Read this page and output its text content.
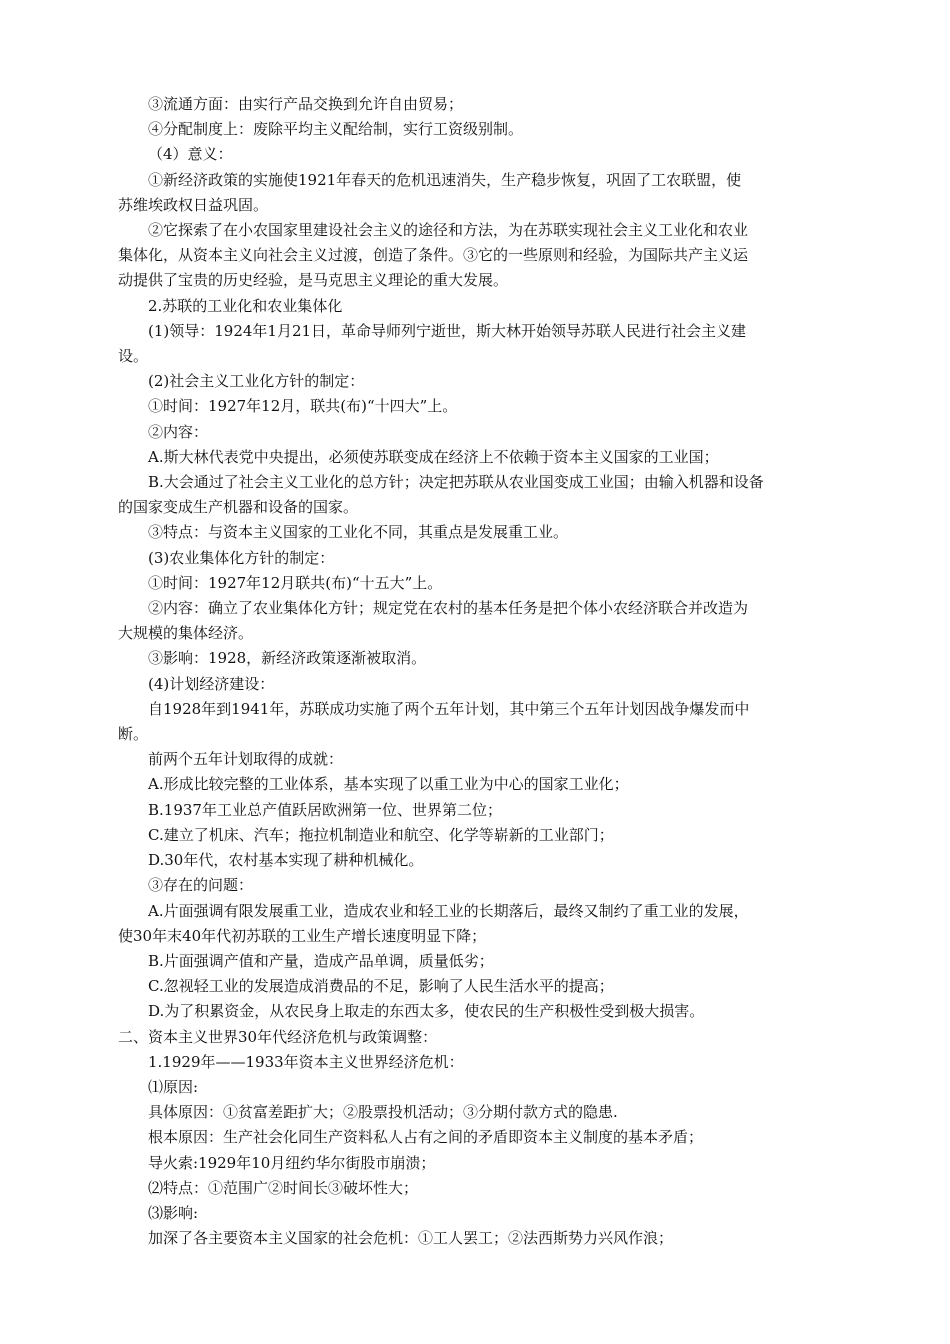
③流通方面：由实行产品交换到允许自由贸易；

④分配制度上：废除平均主义配给制，实行工资级别制。

（4）意义：

①新经济政策的实施使1921年春天的危机迅速消失，生产稳步恢复，巩固了工农联盟，使

苏维埃政权日益巩固。

②它探索了在小农国家里建设社会主义的途径和方法，为在苏联实现社会主义工业化和农业

集体化，从资本主义向社会主义过渡，创造了条件。③它的一些原则和经验，为国际共产主义运

动提供了宝贵的历史经验，是马克思主义理论的重大发展。

2.苏联的工业化和农业集体化

(1)领导：1924年1月21日，革命导师列宁逝世，斯大林开始领导苏联人民进行社会主义建

设。

(2)社会主义工业化方针的制定：

①时间：1927年12月，联共(布)“十四大”上。

②内容：

A.斯大林代表党中央提出，必须使苏联变成在经济上不依赖于资本主义国家的工业国；

B.大会通过了社会主义工业化的总方针；决定把苏联从农业国变成工业国；由输入机器和设备

的国家变成生产机器和设备的国家。

③特点：与资本主义国家的工业化不同，其重点是发展重工业。

(3)农业集体化方针的制定：

①时间：1927年12月联共(布)“十五大”上。

②内容：确立了农业集体化方针；规定党在农村的基本任务是把个体小农经济联合并改造为

大规模的集体经济。

③影响：1928，新经济政策逐渐被取消。

(4)计划经济建设：

自1928年到1941年，苏联成功实施了两个五年计划，其中第三个五年计划因战争爆发而中

断。

前两个五年计划取得的成就：

A.形成比较完整的工业体系，基本实现了以重工业为中心的国家工业化；

B.1937年工业总产值跃居欧洲第一位、世界第二位；

C.建立了机床、汽车；拖拉机制造业和航空、化学等崭新的工业部门；

D.30年代，农村基本实现了耕种机械化。

③存在的问题：

A.片面强调有限发展重工业，造成农业和轻工业的长期落后，最终又制约了重工业的发展，

使30年末40年代初苏联的工业生产增长速度明显下降；

B.片面强调产值和产量，造成产品单调，质量低劣；

C.忽视轻工业的发展造成消费品的不足，影响了人民生活水平的提高；

D.为了积累资金，从农民身上取走的东西太多，使农民的生产积极性受到极大损害。

二、资本主义世界30年代经济危机与政策调整：

1.1929年——1933年资本主义世界经济危机：

⑴原因:

具体原因：①贫富差距扩大；②股票投机活动；③分期付款方式的隐患.

根本原因：生产社会化同生产资料私人占有之间的矛盾即资本主义制度的基本矛盾；

导火索:1929年10月纽约华尔街股市崩溃；

⑵特点：①范围广②时间长③破坏性大；

⑶影响:

加深了各主要资本主义国家的社会危机：①工人罢工；②法西斯势力兴风作浪；
